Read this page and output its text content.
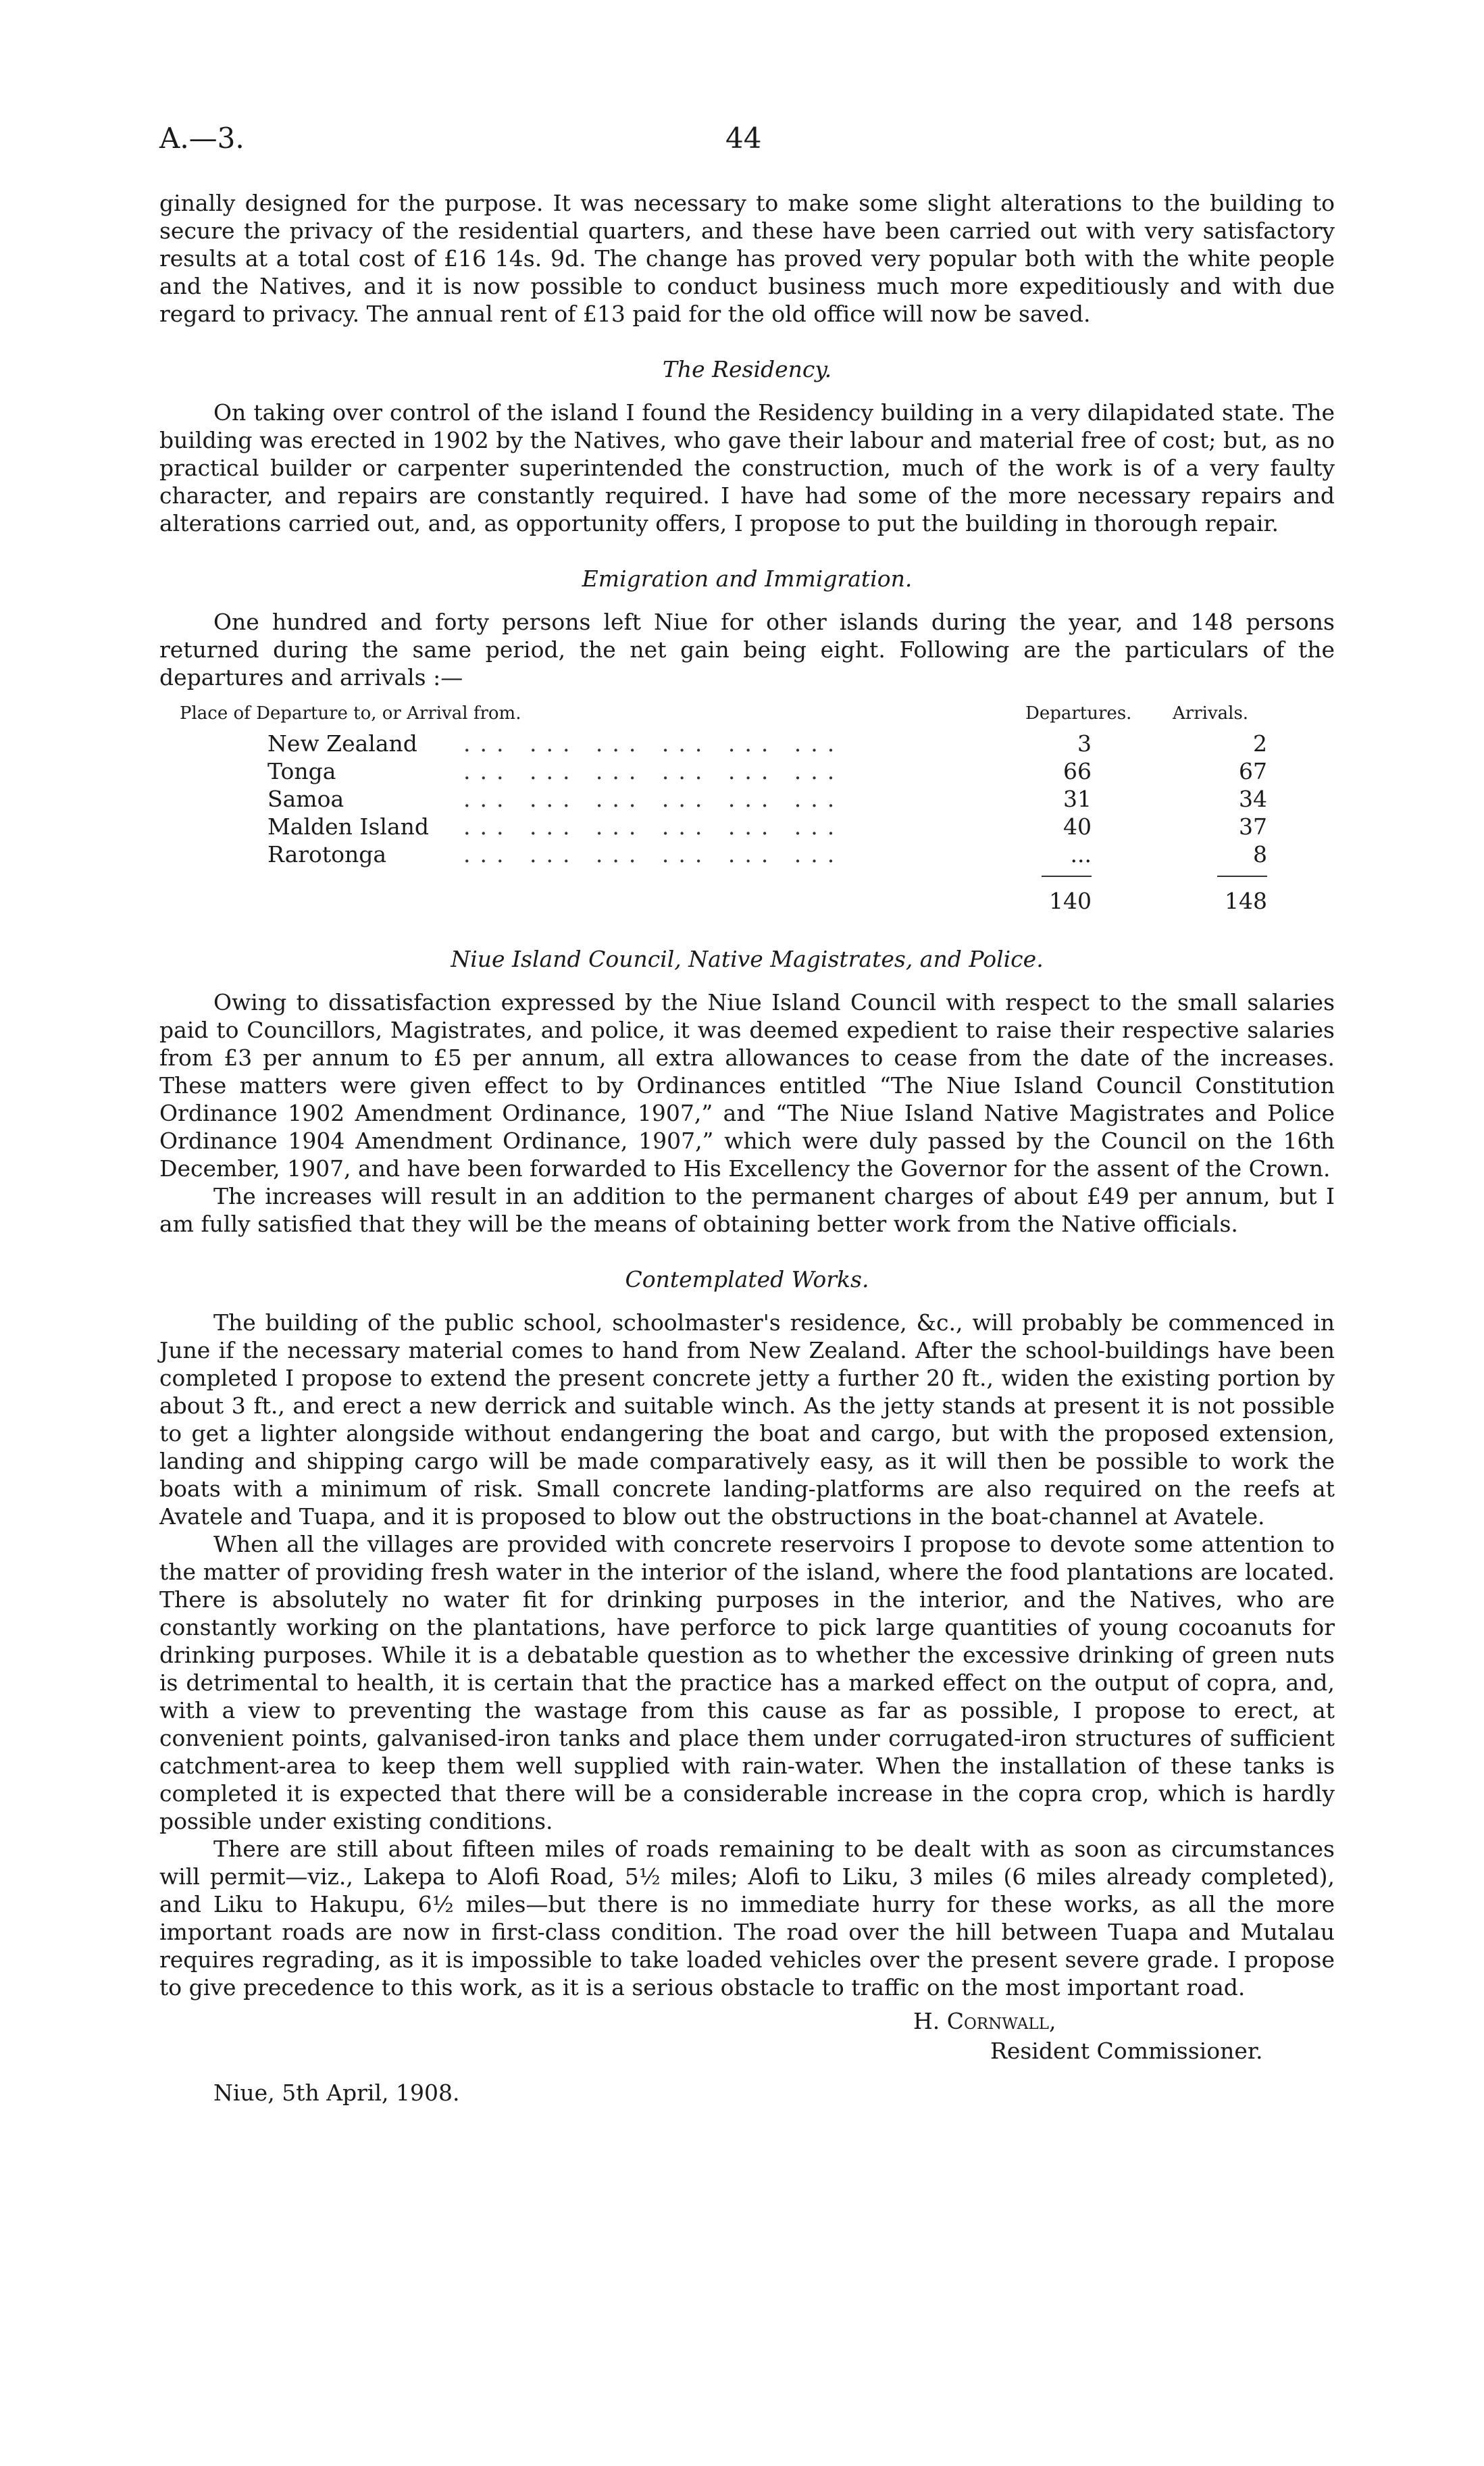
A.—3.	44

ginally designed for the purpose. It was necessary to make some slight alterations to the building to secure the privacy of the residential quarters, and these have been carried out with very satisfactory results at a total cost of £16 14s. 9d. The change has proved very popular both with the white people and the Natives, and it is now possible to conduct business much more expeditiously and with due regard to privacy. The annual rent of £13 paid for the old office will now be saved.

The Residency.

On taking over control of the island I found the Residency building in a very dilapidated state. The building was erected in 1902 by the Natives, who gave their labour and material free of cost; but, as no practical builder or carpenter superintended the construction, much of the work is of a very faulty character, and repairs are constantly required. I have had some of the more necessary repairs and alterations carried out, and, as opportunity offers, I propose to put the building in thorough repair.

Emigration and Immigration.

One hundred and forty persons left Niue for other islands during the year, and 148 persons returned during the same period, the net gain being eight. Following are the particulars of the departures and arrivals :—

Place of Departure to, or Arrival from.	Departures. Arrivals.
New Zealand ... ... ... ... ... ...	3	2
Tonga	... ... ... ... ... ...	66	67
Samoa	... ... ... ... ... ...	31	34
Malden Island ... ... ... ... ... ...	40	37
Rarotonga	... ... ... ... ... ...	...	8
140	148
Niue Island Council, Native Magistrates, and Police.

Owing to dissatisfaction expressed by the Niue Island Council with respect to the small salaries paid to Councillors, Magistrates, and police, it was deemed expedient to raise their respective salaries from £3 per annum to £5 per annum, all extra allowances to cease from the date of the increases. These matters were given effect to by Ordinances entitled “The Niue Island Council Constitution Ordinance 1902 Amendment Ordinance, 1907,” and “The Niue Island Native Magistrates and Police Ordinance 1904 Amendment Ordinance, 1907,” which were duly passed by the Council on the 16th December, 1907, and have been forwarded to His Excellency the Governor for the assent of the Crown.

The increases will result in an addition to the permanent charges of about £49 per annum, but I am fully satisfied that they will be the means of obtaining better work from the Native officials.

Contemplated Works.

The building of the public school, schoolmaster's residence, &c., will probably be commenced in June if the necessary material comes to hand from New Zealand. After the school-buildings have been completed I propose to extend the present concrete jetty a further 20 ft., widen the existing portion by about 3 ft., and erect a new derrick and suitable winch. As the jetty stands at present it is not possible to get a lighter alongside without endangering the boat and cargo, but with the proposed extension, landing and shipping cargo will be made comparatively easy, as it will then be possible to work the boats with a minimum of risk. Small concrete landing-platforms are also required on the reefs at Avatele and Tuapa, and it is proposed to blow out the obstructions in the boat-channel at Avatele.

When all the villages are provided with concrete reservoirs I propose to devote some attention to the matter of providing fresh water in the interior of the island, where the food plantations are located. There is absolutely no water fit for drinking purposes in the interior, and the Natives, who are constantly working on the plantations, have perforce to pick large quantities of young cocoanuts for drinking purposes. While it is a debatable question as to whether the excessive drinking of green nuts is detrimental to health, it is certain that the practice has a marked effect on the output of copra, and, with a view to preventing the wastage from this cause as far as possible, I propose to erect, at convenient points, galvanised-iron tanks and place them under corrugated-iron structures of sufficient catchment-area to keep them well supplied with rain-water. When the installation of these tanks is completed it is expected that there will be a considerable increase in the copra crop, which is hardly possible under existing conditions.

There are still about fifteen miles of roads remaining to be dealt with as soon as circumstances will permit—viz., Lakepa to Alofi Road, 5½ miles; Alofi to Liku, 3 miles (6 miles already completed), and Liku to Hakupu, 6½ miles—but there is no immediate hurry for these works, as all the more important roads are now in first-class condition. The road over the hill between Tuapa and Mutalau requires regrading, as it is impossible to take loaded vehicles over the present severe grade. I propose to give precedence to this work, as it is a serious obstacle to traffic on the most important road.

H. Cornwall,
Resident Commissioner.
Niue, 5th April, 1908.
